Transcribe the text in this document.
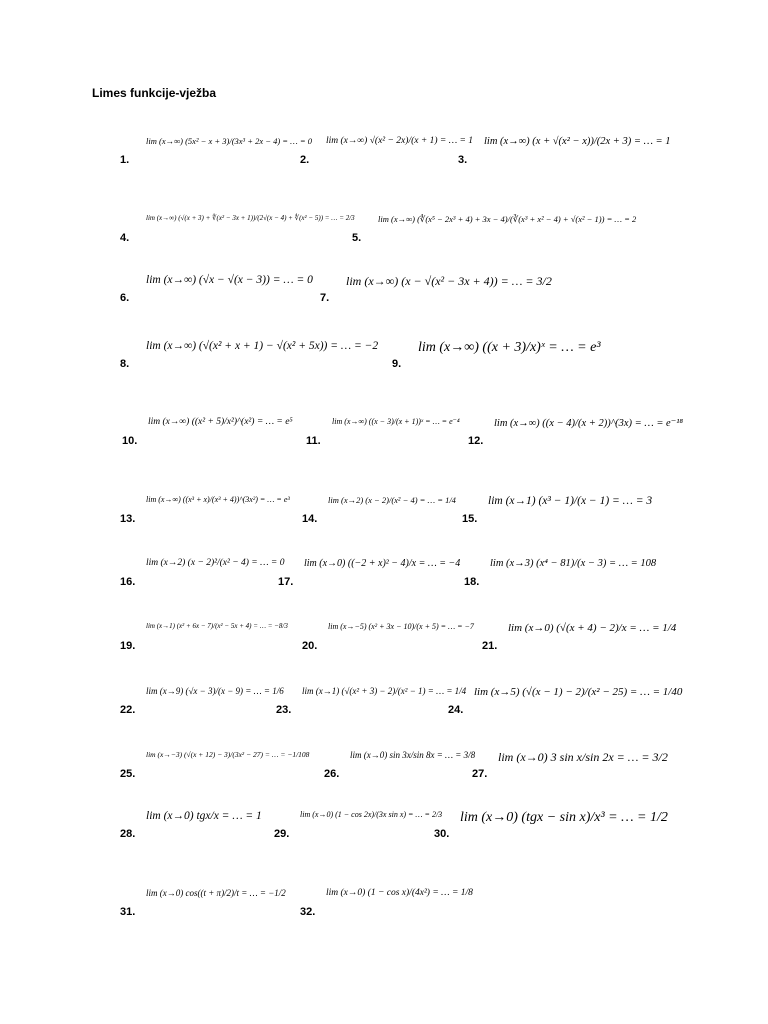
Limes funkcije-vježba
1.
lim (x→∞) (5x² − x + 3)/(3x³ + 2x − 4) = … = 0
2.
lim (x→∞) √(x² − 2x)/(x + 1) = … = 1
3.
lim (x→∞) (x + √(x² − x))/(2x + 3) = … = 1
4.
lim (x→∞) (√(x + 3) + ∜(x² − 3x + 1))/(2√(x − 4) + ∜(x² − 5)) = … = 2/3
5.
lim (x→∞) (∜(x⁵ − 2x³ + 4) + 3x − 4)/(∛(x³ + x² − 4) + √(x² − 1)) = … = 2
6.
lim (x→∞) (√x − √(x − 3)) = … = 0
7.
lim (x→∞) (x − √(x² − 3x + 4)) = … = 3/2
8.
lim (x→∞) (√(x² + x + 1) − √(x² + 5x)) = … = −2
9.
lim (x→∞) ((x + 3)/x)ˣ = … = e³
10.
lim (x→∞) ((x² + 5)/x²)^(x²) = … = e⁵
11.
lim (x→∞) ((x − 3)/(x + 1))ˣ = … = e⁻⁴
12.
lim (x→∞) ((x − 4)/(x + 2))^(3x) = … = e⁻¹⁸
13.
lim (x→∞) ((x³ + x)/(x³ + 4))^(3x²) = … = e³
14.
lim (x→2) (x − 2)/(x² − 4) = … = 1/4
15.
lim (x→1) (x³ − 1)/(x − 1) = … = 3
16.
lim (x→2) (x − 2)²/(x² − 4) = … = 0
17.
lim (x→0) ((−2 + x)² − 4)/x = … = −4
18.
lim (x→3) (x⁴ − 81)/(x − 3) = … = 108
19.
lim (x→1) (x² + 6x − 7)/(x² − 5x + 4) = … = −8/3
20.
lim (x→−5) (x² + 3x − 10)/(x + 5) = … = −7
21.
lim (x→0) (√(x + 4) − 2)/x = … = 1/4
22.
lim (x→9) (√x − 3)/(x − 9) = … = 1/6
23.
lim (x→1) (√(x² + 3) − 2)/(x² − 1) = … = 1/4
24.
lim (x→5) (√(x − 1) − 2)/(x² − 25) = … = 1/40
25.
lim (x→−3) (√(x + 12) − 3)/(3x² − 27) = … = −1/108
26.
lim (x→0) sin 3x/sin 8x = … = 3/8
27.
lim (x→0) 3 sin x/sin 2x = … = 3/2
28.
lim (x→0) tgx/x = … = 1
29.
lim (x→0) (1 − cos 2x)/(3x sin x) = … = 2/3
30.
lim (x→0) (tgx − sin x)/x³ = … = 1/2
31.
lim (x→0) cos((t + π)/2)/t = … = −1/2
32.
lim (x→0) (1 − cos x)/(4x²) = … = 1/8
